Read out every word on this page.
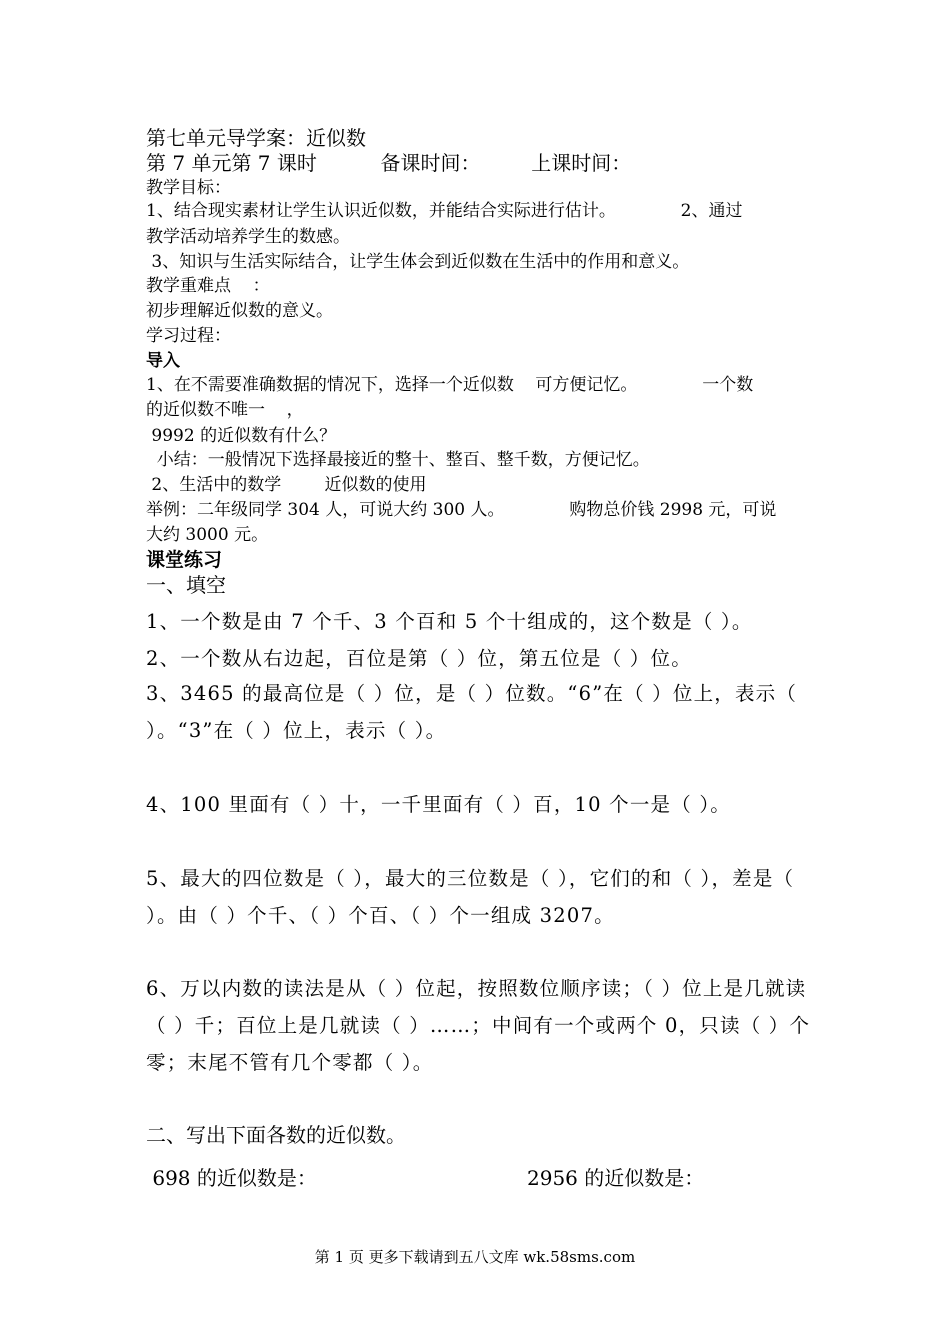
第七单元导学案：近似数
第 7 单元第 7 课时          备课时间：        上课时间：
教学目标：
1、结合现实素材让学生认识近似数，并能结合实际进行估计。            2、通过
教学活动培养学生的数感。
3、知识与生活实际结合，让学生体会到近似数在生活中的作用和意义。
教学重难点    ：
初步理解近似数的意义。
学习过程：
导入
1、在不需要准确数据的情况下，选择一个近似数    可方便记忆。            一个数
的近似数不唯一    ，
9992 的近似数有什么？
小结：一般情况下选择最接近的整十、整百、整千数，方便记忆。
2、生活中的数学        近似数的使用
举例：二年级同学 304 人，可说大约 300 人。            购物总价钱 2998 元，可说
大约 3000 元。
课堂练习
一、填空
1、一个数是由 7 个千、3 个百和 5 个十组成的，这个数是（ ）。
2、一个数从右边起，百位是第（ ）位，第五位是（ ）位。
3、3465 的最高位是（ ）位，是（ ）位数。“6”在（ ）位上，表示（ ）。“3”在（ ）位上，表示（ ）。
4、100 里面有（ ）十，一千里面有（ ）百，10 个一是（ ）。
5、最大的四位数是（ ），最大的三位数是（ ），它们的和（ ），差是（ ）。由（ ）个千、（ ）个百、（ ）个一组成 3207。
6、万以内数的读法是从（ ）位起，按照数位顺序读；（ ）位上是几就读（ ）千；百位上是几就读（ ）……；中间有一个或两个 0，只读（ ）个零；末尾不管有几个零都（ ）。
二、写出下面各数的近似数。
698 的近似数是：	2956 的近似数是：
第 1 页 更多下载请到五八文库 wk.58sms.com
